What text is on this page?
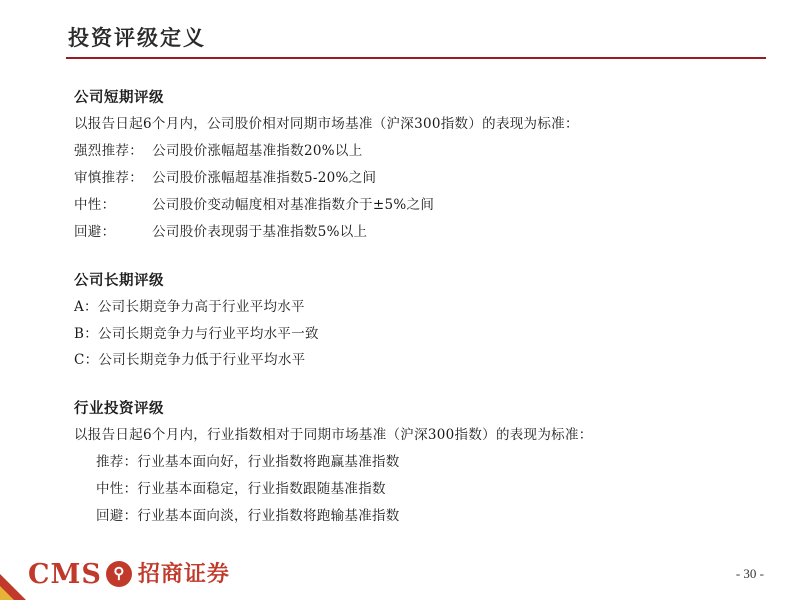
投资评级定义
公司短期评级
以报告日起6个月内，公司股价相对同期市场基准（沪深300指数）的表现为标准：
强烈推荐：  公司股价涨幅超基准指数20%以上
审慎推荐：  公司股价涨幅超基准指数5-20%之间
中性：        公司股价变动幅度相对基准指数介于±5%之间
回避：        公司股价表现弱于基准指数5%以上
公司长期评级
A：公司长期竞争力高于行业平均水平
B：公司长期竞争力与行业平均水平一致
C：公司长期竞争力低于行业平均水平
行业投资评级
以报告日起6个月内，行业指数相对于同期市场基准（沪深300指数）的表现为标准：
推荐：行业基本面向好，行业指数将跑赢基准指数
中性：行业基本面稳定，行业指数跟随基准指数
回避：行业基本面向淡，行业指数将跑输基准指数
CMS ⚲ 招商证券	- 30 -
